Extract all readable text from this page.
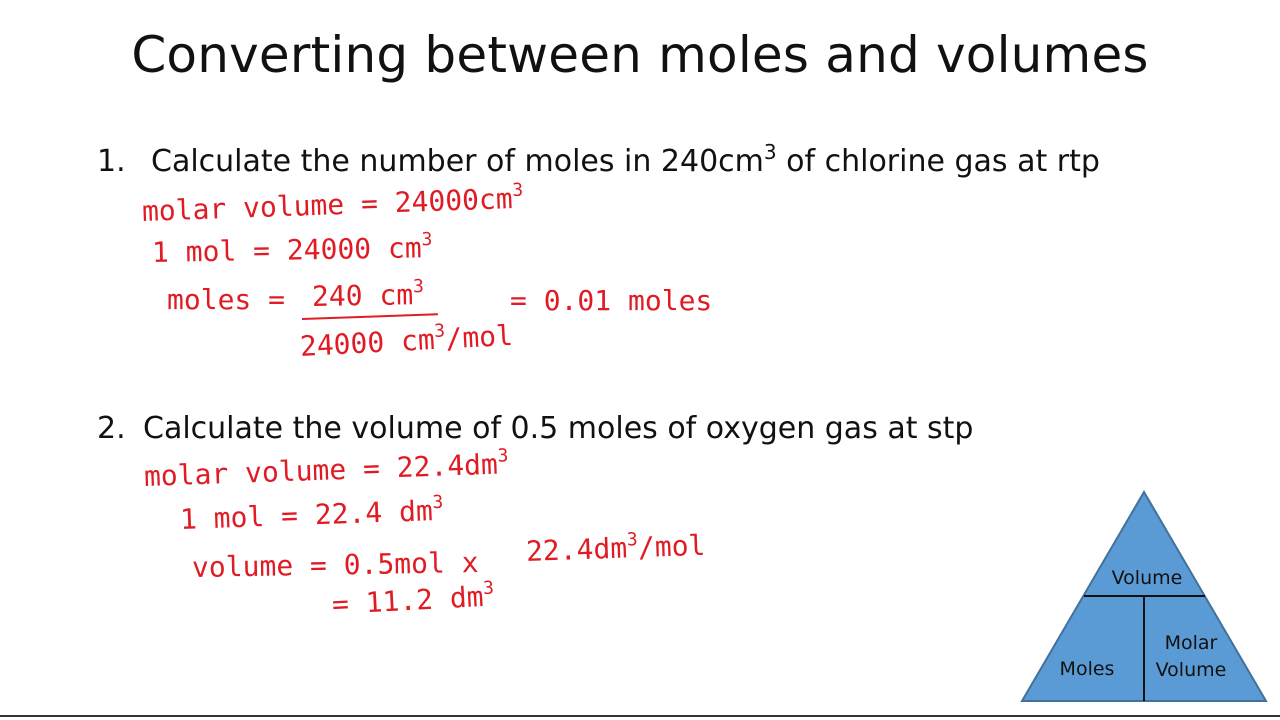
Converting between moles and volumes
1. Calculate the number of moles in $240cm^3$ of chlorine gas at rtp
molar volume = $24000cm^3$
1 mol = 24000 $cm^3$
moles = 240 $cm^3$
24000 $cm^3$/mol
= 0.01 moles
2. Calculate the volume of 0.5 moles of oxygen gas at stp
molar volume = $22.4dm^3$
1 mol = 22.4 $dm^3$
volume = 0.5mol x $22.4dm^3$/mol
= 11.2 $dm^3$	Volume
Moles
Molar
Volume
